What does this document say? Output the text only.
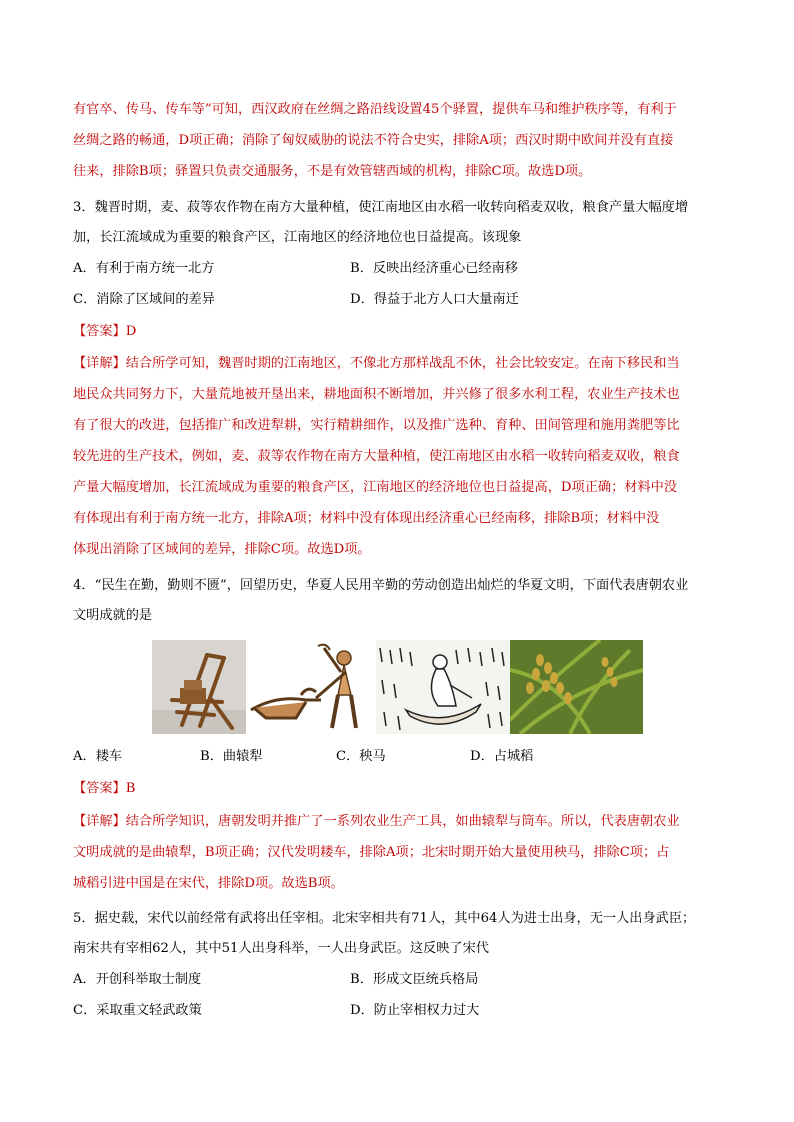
有官卒、传马、传车等”可知，西汉政府在丝绸之路沿线设置45个驿置，提供车马和维护秩序等，有利于
丝绸之路的畅通，D项正确；消除了匈奴威胁的说法不符合史实，排除A项；西汉时期中欧间并没有直接
往来，排除B项；驿置只负责交通服务，不是有效管辖西域的机构，排除C项。故选D项。
3．魏晋时期，麦、菽等农作物在南方大量种植，使江南地区由水稻一收转向稻麦双收，粮食产量大幅度增
加，长江流域成为重要的粮食产区，江南地区的经济地位也日益提高。该现象
A．有利于南方统一北方	B．反映出经济重心已经南移
C．消除了区域间的差异	D．得益于北方人口大量南迁
【答案】D
【详解】结合所学可知，魏晋时期的江南地区，不像北方那样战乱不休，社会比较安定。在南下移民和当
地民众共同努力下，大量荒地被开垦出来，耕地面积不断增加，并兴修了很多水利工程，农业生产技术也
有了很大的改进，包括推广和改进犁耕，实行精耕细作，以及推广选种、育种、田间管理和施用粪肥等比
较先进的生产技术，例如，麦、菽等农作物在南方大量种植，使江南地区由水稻一收转向稻麦双收，粮食
产量大幅度增加，长江流域成为重要的粮食产区，江南地区的经济地位也日益提高，D项正确；材料中没
有体现出有利于南方统一北方，排除A项；材料中没有体现出经济重心已经南移，排除B项；材料中没
体现出消除了区域间的差异，排除C项。故选D项。
4．“民生在勤，勤则不匮”，回望历史，华夏人民用辛勤的劳动创造出灿烂的华夏文明，下面代表唐朝农业
文明成就的是
A．耧车	B．曲辕犁	C．秧马	D．占城稻
【答案】B
【详解】结合所学知识，唐朝发明并推广了一系列农业生产工具，如曲辕犁与筒车。所以，代表唐朝农业
文明成就的是曲辕犁，B项正确；汉代发明耧车，排除A项；北宋时期开始大量使用秧马，排除C项；占
城稻引进中国是在宋代，排除D项。故选B项。
5．据史载，宋代以前经常有武将出任宰相。北宋宰相共有71人，其中64人为进士出身，无一人出身武臣；
南宋共有宰相62人，其中51人出身科举，一人出身武臣。这反映了宋代
A．开创科举取士制度	B．形成文臣统兵格局
C．采取重文轻武政策	D．防止宰相权力过大
